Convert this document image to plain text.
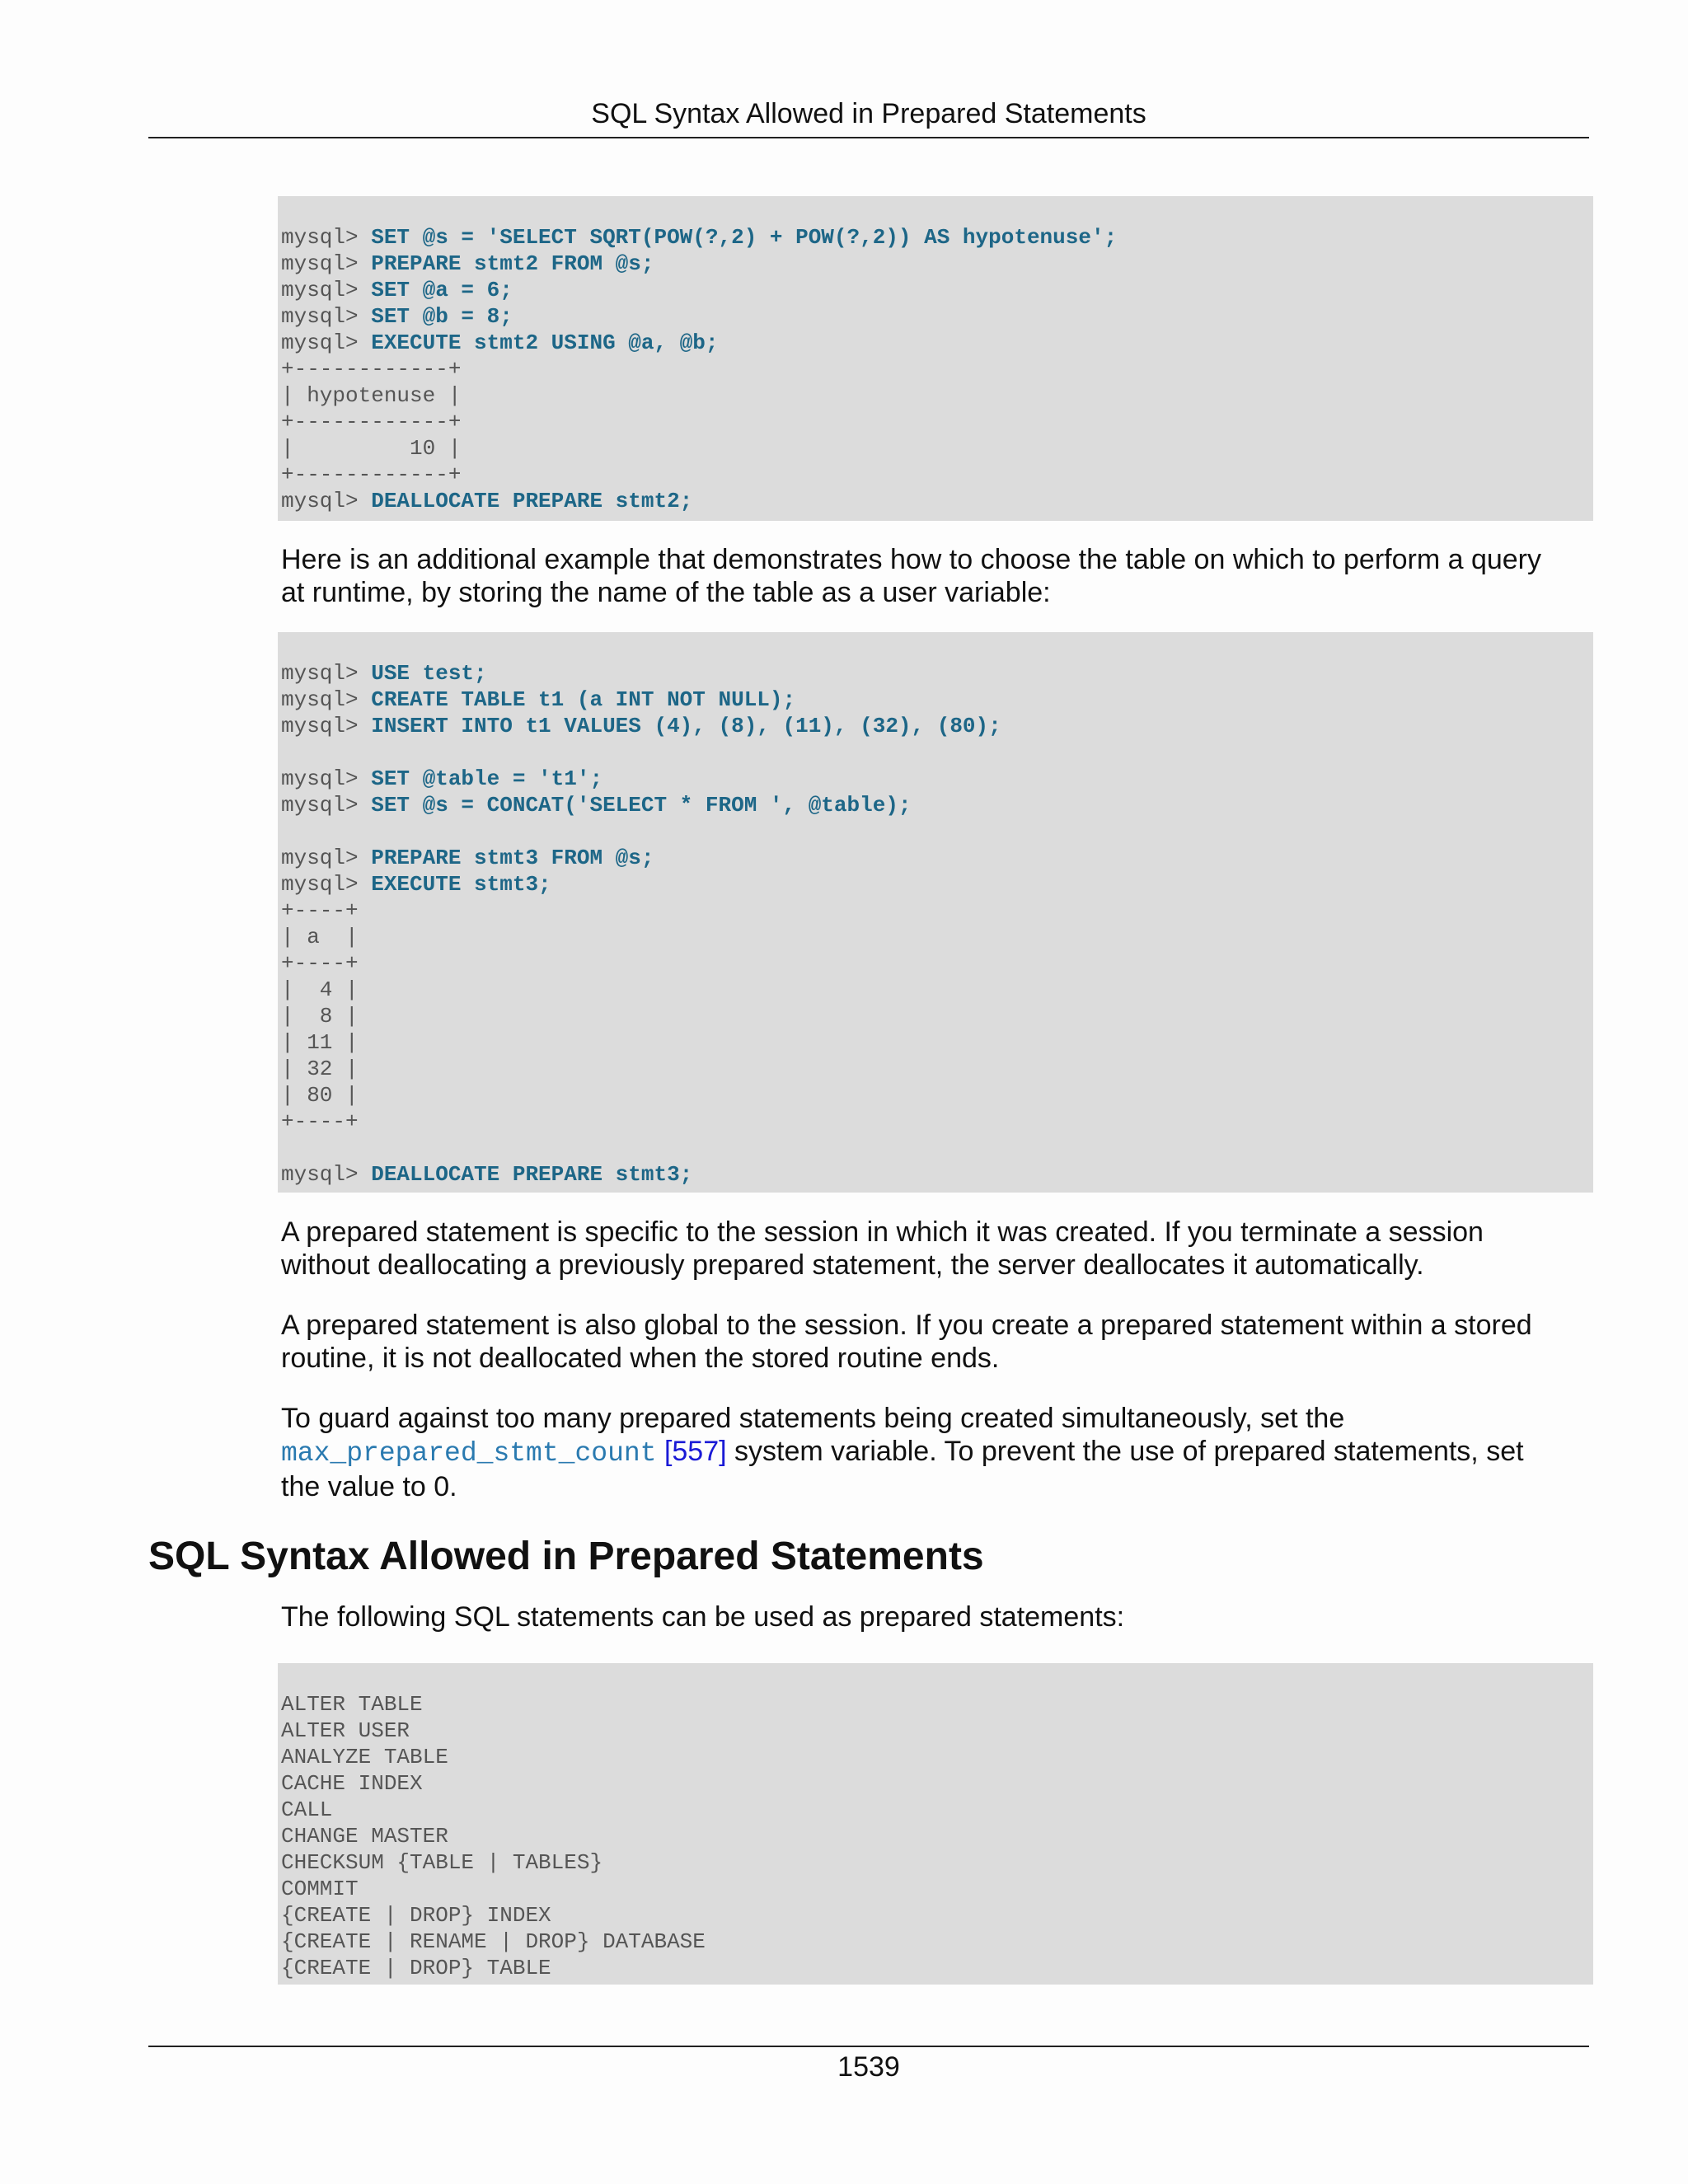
SQL Syntax Allowed in Prepared Statements
mysql> SET @s = 'SELECT SQRT(POW(?,2) + POW(?,2)) AS hypotenuse';
mysql> PREPARE stmt2 FROM @s;
mysql> SET @a = 6;
mysql> SET @b = 8;
mysql> EXECUTE stmt2 USING @a, @b;
+------------+
| hypotenuse |
+------------+
|         10 |
+------------+
mysql> DEALLOCATE PREPARE stmt2;

Here is an additional example that demonstrates how to choose the table on which to perform a query at runtime, by storing the name of the table as a user variable:

mysql> USE test;
mysql> CREATE TABLE t1 (a INT NOT NULL);
mysql> INSERT INTO t1 VALUES (4), (8), (11), (32), (80);
mysql> SET @table = 't1';
mysql> SET @s = CONCAT('SELECT * FROM ', @table);
mysql> PREPARE stmt3 FROM @s;
mysql> EXECUTE stmt3;
+----+
| a  |
+----+
|  4 |
|  8 |
| 11 |
| 32 |
| 80 |
+----+
mysql> DEALLOCATE PREPARE stmt3;

A prepared statement is specific to the session in which it was created. If you terminate a session without deallocating a previously prepared statement, the server deallocates it automatically.

A prepared statement is also global to the session. If you create a prepared statement within a stored routine, it is not deallocated when the stored routine ends.

To guard against too many prepared statements being created simultaneously, set the max_prepared_stmt_count [557] system variable. To prevent the use of prepared statements, set the value to 0.

SQL Syntax Allowed in Prepared Statements

The following SQL statements can be used as prepared statements:

ALTER TABLE
ALTER USER
ANALYZE TABLE
CACHE INDEX
CALL
CHANGE MASTER
CHECKSUM {TABLE | TABLES}
COMMIT
{CREATE | DROP} INDEX
{CREATE | RENAME | DROP} DATABASE
{CREATE | DROP} TABLE
1539
